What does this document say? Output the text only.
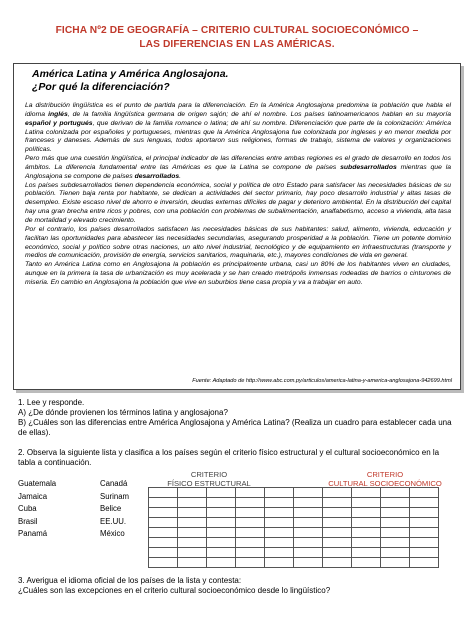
FICHA Nº2 DE GEOGRAFÍA – CRITERIO CULTURAL SOCIOECONÓMICO –
LAS DIFERENCIAS EN LAS AMÉRICAS.
América Latina y América Anglosajona.
¿Por qué la diferenciación?

La distribución lingüística es el punto de partida para la diferenciación. En la América Anglosajona predomina la población que habla el idioma inglés, de la familia lingüística germana de origen sajón; de ahí el nombre. Los países latinoamericanos hablan en su mayoría español y portugués, que derivan de la familia romance o latina; de ahí su nombre. Diferenciación que parte de la colonización: América Latina colonizada por españoles y portugueses, mientras que la América Anglosajona fue colonizada por ingleses y en menor medida por franceses y daneses. Además de sus lenguas, todos aportaron sus religiones, formas de trabajo, sistema de valores y organizaciones políticas.

Pero más que una cuestión lingüística, el principal indicador de las diferencias entre ambas regiones es el grado de desarrollo en todos los ámbitos. La diferencia fundamental entre las Américas es que la Latina se compone de países subdesarrollados mientras que la Anglosajona se compone de países desarrollados.

Los países subdesarrollados tienen dependencia económica, social y política de otro Estado para satisfacer las necesidades básicas de su población. Tienen baja renta por habitante, se dedican a actividades del sector primario, hay poco desarrollo industrial y altas tasas de desempleo. Existe escaso nivel de ahorro e inversión, deudas externas difíciles de pagar y deterioro ambiental. En la distribución del capital hay una gran brecha entre ricos y pobres, con una población con problemas de subalimentación, analfabetismo, acceso a vivienda, alta tasa de mortalidad y elevado crecimiento.

Por el contrario, los países desarrollados satisfacen las necesidades básicas de sus habitantes: salud, alimento, vivienda, educación y facilitan las oportunidades para abastecer las necesidades secundarias, asegurando prosperidad a la población. Tiene un potente dominio económico, social y político sobre otras naciones, un alto nivel industrial, tecnológico y de equipamiento en infraestructuras (transporte y medios de comunicación, provisión de energía, servicios sanitarios, maquinaria, etc.), mayores condiciones de vida en general.

Tanto en América Latina como en Anglosajona la población es principalmente urbana, casi un 80% de los habitantes viven en ciudades, aunque en la primera la tasa de urbanización es muy acelerada y se han creado metrópolis inmensas rodeadas de barrios o cinturones de miseria. En cambio en Anglosajona la población que vive en suburbios tiene casa propia y va a trabajar en auto.

Fuente: Adaptado de http://www.abc.com.py/articulos/america-latina-y-america-anglosajona-942699.html
1. Lee y responde.
A) ¿De dónde provienen los términos latina y anglosajona?
B) ¿Cuáles son las diferencias entre América Anglosajona y América Latina? (Realiza un cuadro para establecer cada una de ellas).
2. Observa la siguiente lista y clasifica a los países según el criterio físico estructural y el cultural socioeconómico en la tabla a continuación.
Guatemala	Canadá
Jamaica	Surinam
Cuba	Belice
Brasil	EE.UU.
Panamá	México
CRITERIO
FÍSICO ESTRUCTURAL
CRITERIO
CULTURAL SOCIOECONÓMICO

3. Averigua el idioma oficial de los países de la lista y contesta:
¿Cuáles son las excepciones en el criterio cultural socioeconómico desde lo lingüístico?
